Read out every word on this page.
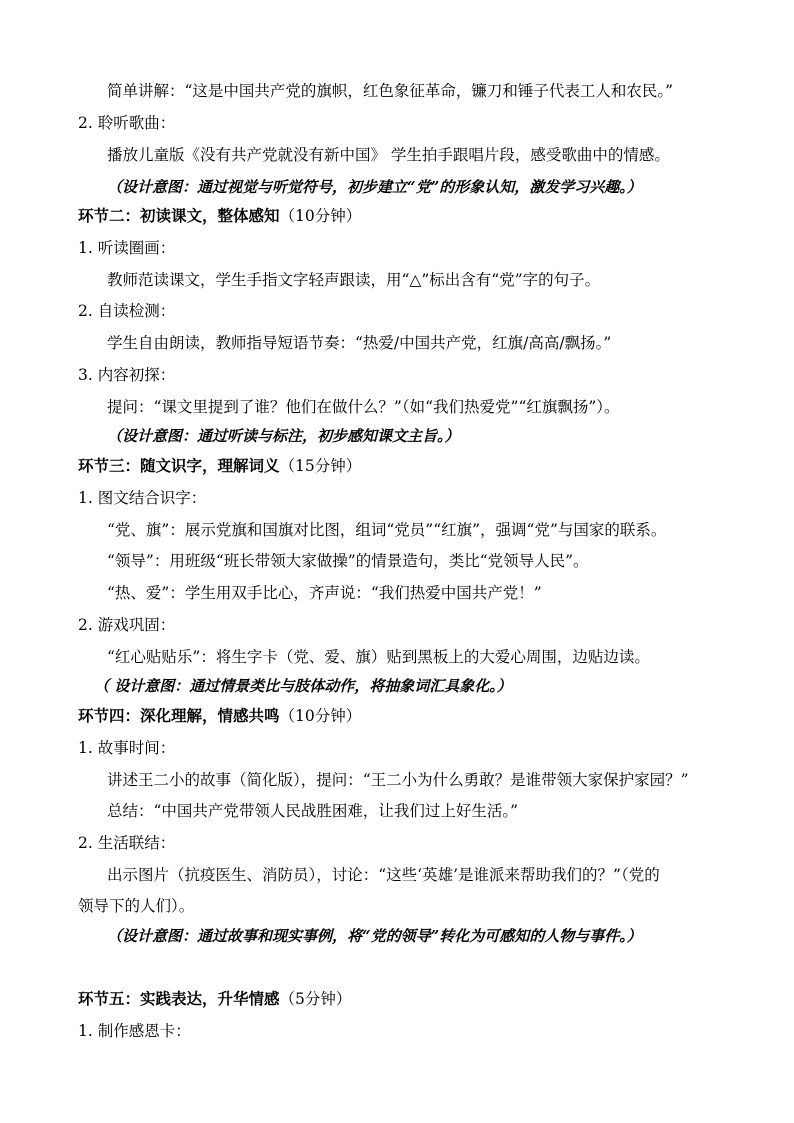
简单讲解：“这是中国共产党的旗帜，红色象征革命，镰刀和锤子代表工人和农民。”
2. 聆听歌曲：
播放儿童版《没有共产党就没有新中国》 学生拍手跟唱片段，感受歌曲中的情感。
（设计意图：通过视觉与听觉符号，初步建立“党”的形象认知，激发学习兴趣。）
环节二：初读课文，整体感知（10分钟）
1. 听读圈画：
教师范读课文，学生手指文字轻声跟读，用“△”标出含有“党”字的句子。
2. 自读检测：
学生自由朗读，教师指导短语节奏：“热爱/中国共产党，红旗/高高/飘扬。”
3. 内容初探：
提问：“课文里提到了谁？他们在做什么？”（如“我们热爱党”“红旗飘扬”）。
（设计意图：通过听读与标注，初步感知课文主旨。）
环节三：随文识字，理解词义（15分钟）
1. 图文结合识字：
“党、旗”：展示党旗和国旗对比图，组词“党员”“红旗”，强调“党”与国家的联系。
“领导”：用班级“班长带领大家做操”的情景造句，类比“党领导人民”。
“热、爱”：学生用双手比心，齐声说：“我们热爱中国共产党！”
2. 游戏巩固：
“红心贴贴乐”：将生字卡（党、爱、旗）贴到黑板上的大爱心周围，边贴边读。
（ 设计意图：通过情景类比与肢体动作，将抽象词汇具象化。）
环节四：深化理解，情感共鸣（10分钟）
1. 故事时间：
讲述王二小的故事（简化版），提问：“王二小为什么勇敢？是谁带领大家保护家园？”
总结：“中国共产党带领人民战胜困难，让我们过上好生活。”
2. 生活联结：
出示图片（抗疫医生、消防员），讨论：“这些‘英雄’是谁派来帮助我们的？”（党的
领导下的人们）。
（设计意图：通过故事和现实事例，将“党的领导”转化为可感知的人物与事件。）
环节五：实践表达，升华情感（5分钟）
1. 制作感恩卡：
